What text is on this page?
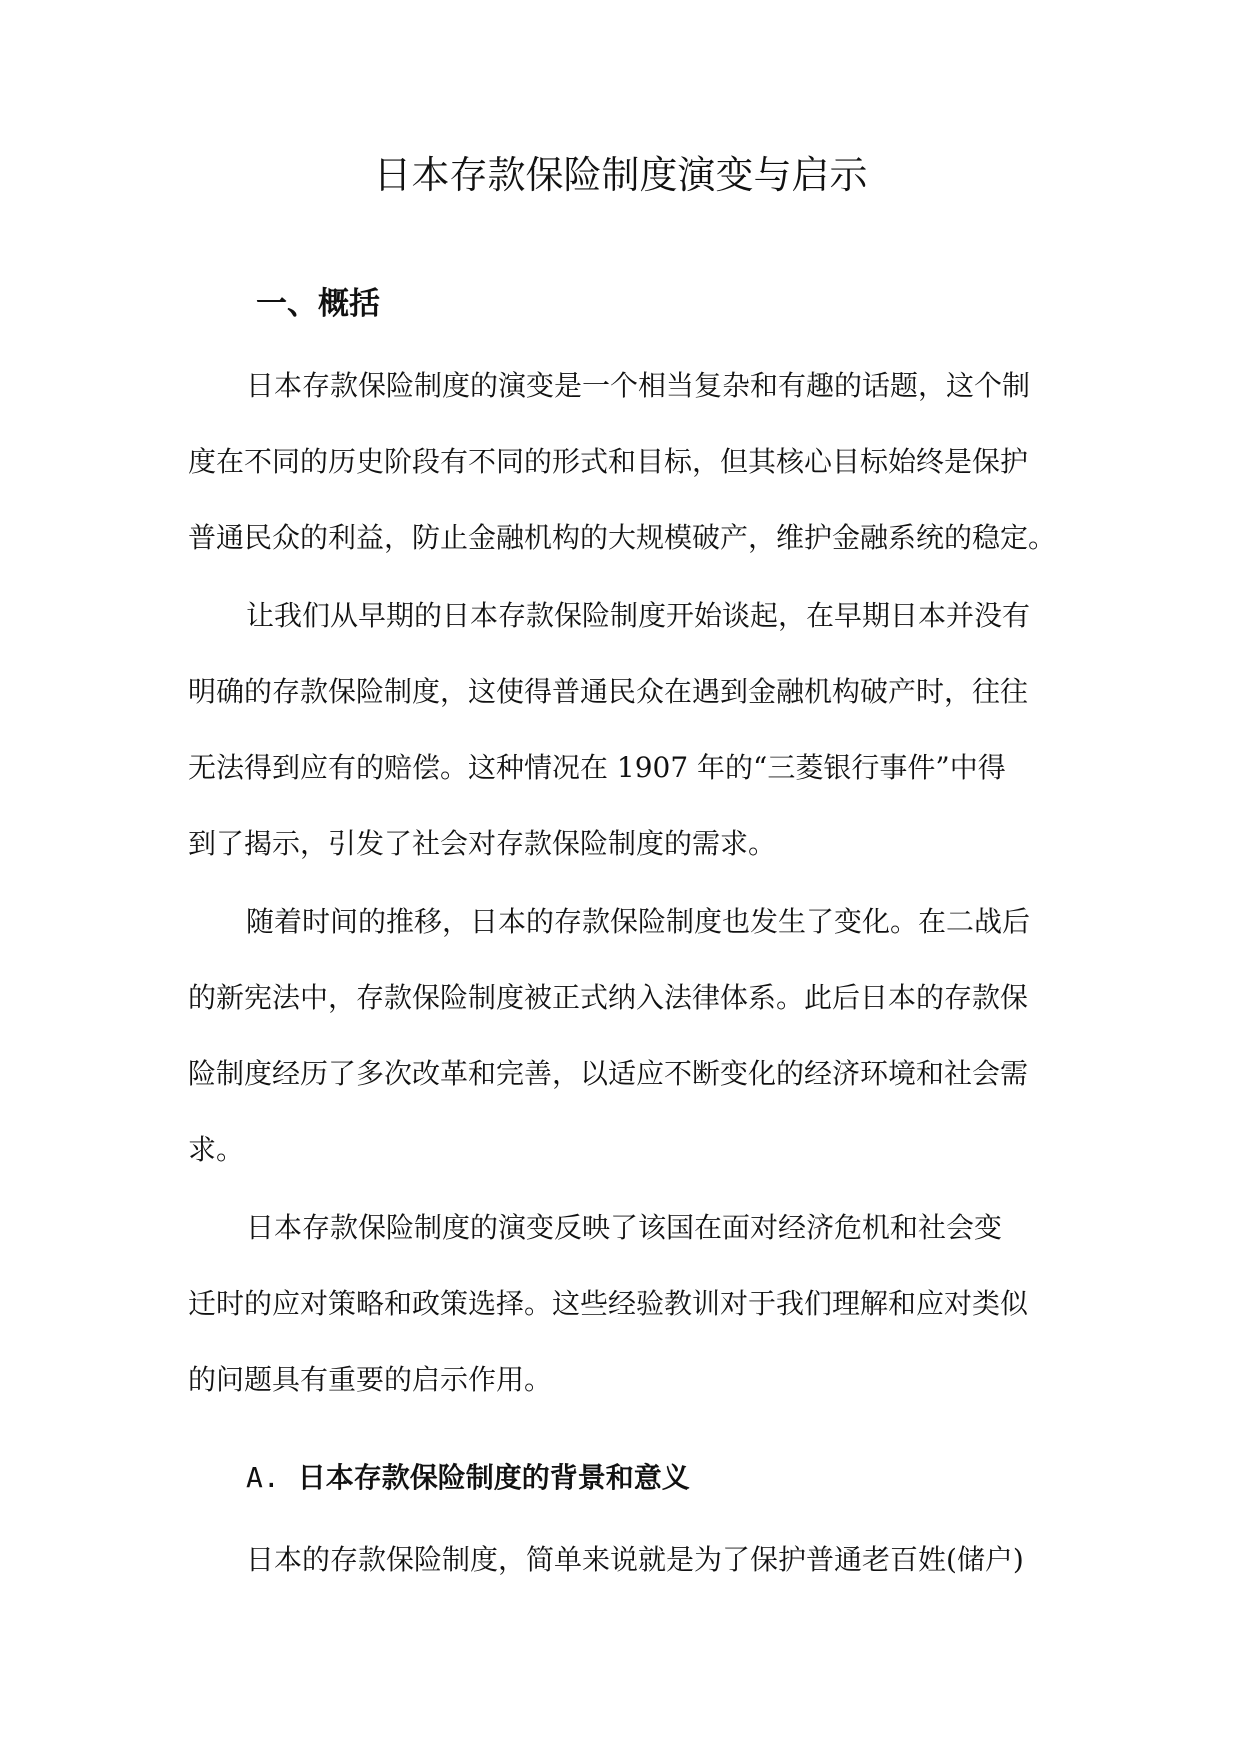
日本存款保险制度演变与启示
一、概括

日本存款保险制度的演变是一个相当复杂和有趣的话题，这个制

度在不同的历史阶段有不同的形式和目标，但其核心目标始终是保护

普通民众的利益，防止金融机构的大规模破产，维护金融系统的稳定。

让我们从早期的日本存款保险制度开始谈起，在早期日本并没有

明确的存款保险制度，这使得普通民众在遇到金融机构破产时，往往

无法得到应有的赔偿。这种情况在 1907 年的“三菱银行事件”中得

到了揭示，引发了社会对存款保险制度的需求。

随着时间的推移，日本的存款保险制度也发生了变化。在二战后

的新宪法中，存款保险制度被正式纳入法律体系。此后日本的存款保

险制度经历了多次改革和完善，以适应不断变化的经济环境和社会需

求。

日本存款保险制度的演变反映了该国在面对经济危机和社会变

迁时的应对策略和政策选择。这些经验教训对于我们理解和应对类似

的问题具有重要的启示作用。

A. 日本存款保险制度的背景和意义

日本的存款保险制度，简单来说就是为了保护普通老百姓(储户)
